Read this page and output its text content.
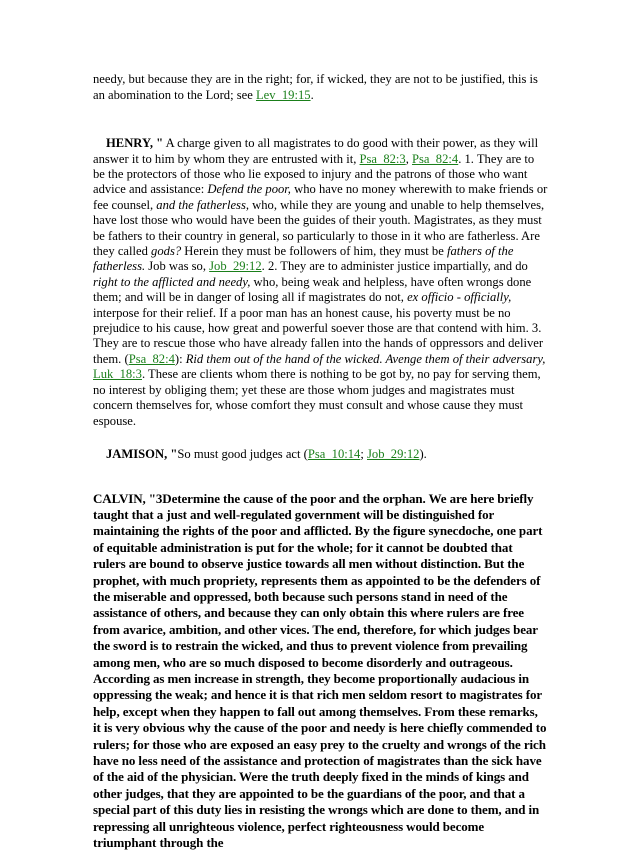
needy, but because they are in the right; for, if wicked, they are not to be justified, this is an abomination to the Lord; see Lev_19:15.

HENRY, " A charge given to all magistrates to do good with their power, as they will answer it to him by whom they are entrusted with it, Psa_82:3, Psa_82:4. 1. They are to be the protectors of those who lie exposed to injury and the patrons of those who want advice and assistance: Defend the poor, who have no money wherewith to make friends or fee counsel, and the fatherless, who, while they are young and unable to help themselves, have lost those who would have been the guides of their youth. Magistrates, as they must be fathers to their country in general, so particularly to those in it who are fatherless. Are they called gods? Herein they must be followers of him, they must be fathers of the fatherless. Job was so, Job_29:12. 2. They are to administer justice impartially, and do right to the afflicted and needy, who, being weak and helpless, have often wrongs done them; and will be in danger of losing all if magistrates do not, ex officio - officially, interpose for their relief. If a poor man has an honest cause, his poverty must be no prejudice to his cause, how great and powerful soever those are that contend with him. 3. They are to rescue those who have already fallen into the hands of oppressors and deliver them. (Psa_82:4): Rid them out of the hand of the wicked. Avenge them of their adversary, Luk_18:3. These are clients whom there is nothing to be got by, no pay for serving them, no interest by obliging them; yet these are those whom judges and magistrates must concern themselves for, whose comfort they must consult and whose cause they must espouse.

JAMISON, "So must good judges act (Psa_10:14; Job_29:12).

CALVIN, "3Determine the cause of the poor and the orphan. We are here briefly taught that a just and well-regulated government will be distinguished for maintaining the rights of the poor and afflicted. By the figure synecdoche, one part of equitable administration is put for the whole; for it cannot be doubted that rulers are bound to observe justice towards all men without distinction. But the prophet, with much propriety, represents them as appointed to be the defenders of the miserable and oppressed, both because such persons stand in need of the assistance of others, and because they can only obtain this where rulers are free from avarice, ambition, and other vices. The end, therefore, for which judges bear the sword is to restrain the wicked, and thus to prevent violence from prevailing among men, who are so much disposed to become disorderly and outrageous. According as men increase in strength, they become proportionally audacious in oppressing the weak; and hence it is that rich men seldom resort to magistrates for help, except when they happen to fall out among themselves. From these remarks, it is very obvious why the cause of the poor and needy is here chiefly commended to rulers; for those who are exposed an easy prey to the cruelty and wrongs of the rich have no less need of the assistance and protection of magistrates than the sick have of the aid of the physician. Were the truth deeply fixed in the minds of kings and other judges, that they are appointed to be the guardians of the poor, and that a special part of this duty lies in resisting the wrongs which are done to them, and in repressing all unrighteous violence, perfect righteousness would become triumphant through the
